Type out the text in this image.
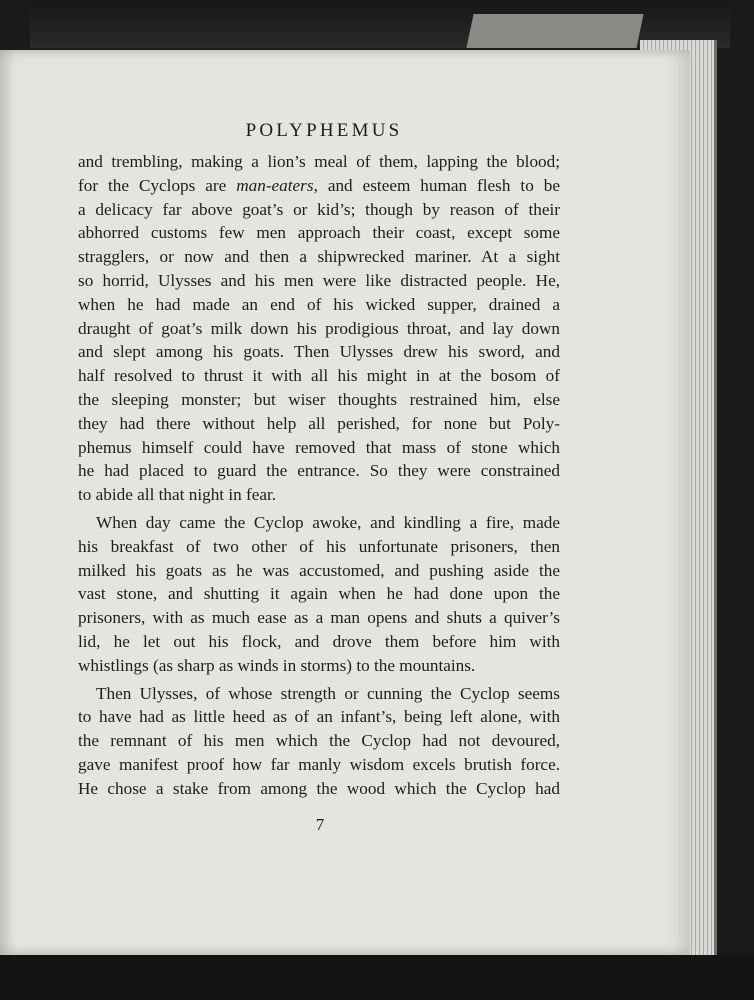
POLYPHEMUS
and trembling, making a lion’s meal of them, lapping the blood;
for the Cyclops are man-eaters, and esteem human flesh to be
a delicacy far above goat’s or kid’s; though by reason of their
abhorred customs few men approach their coast, except some
stragglers, or now and then a shipwrecked mariner. At a sight
so horrid, Ulysses and his men were like distracted people. He,
when he had made an end of his wicked supper, drained a
draught of goat’s milk down his prodigious throat, and lay down
and slept among his goats. Then Ulysses drew his sword, and
half resolved to thrust it with all his might in at the bosom of
the sleeping monster; but wiser thoughts restrained him, else
they had there without help all perished, for none but Poly-
phemus himself could have removed that mass of stone which
he had placed to guard the entrance. So they were constrained
to abide all that night in fear.
When day came the Cyclop awoke, and kindling a fire, made
his breakfast of two other of his unfortunate prisoners, then
milked his goats as he was accustomed, and pushing aside the
vast stone, and shutting it again when he had done upon the
prisoners, with as much ease as a man opens and shuts a quiver’s
lid, he let out his flock, and drove them before him with
whistlings (as sharp as winds in storms) to the mountains.
Then Ulysses, of whose strength or cunning the Cyclop seems
to have had as little heed as of an infant’s, being left alone, with
the remnant of his men which the Cyclop had not devoured,
gave manifest proof how far manly wisdom excels brutish force.
He chose a stake from among the wood which the Cyclop had
7
